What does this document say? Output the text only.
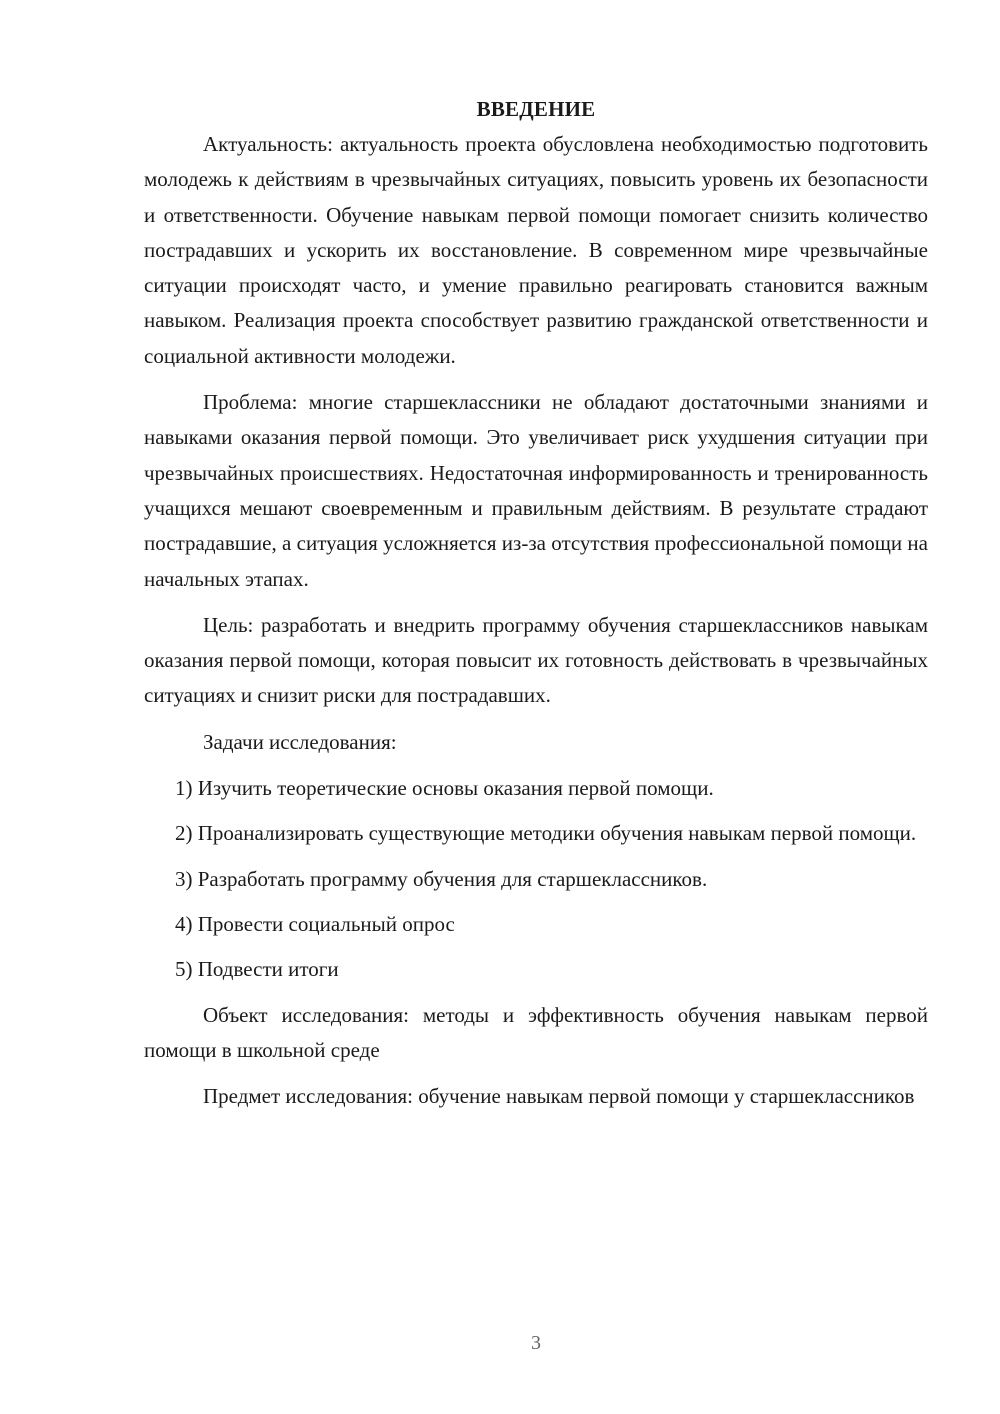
ВВЕДЕНИЕ

Актуальность: актуальность проекта обусловлена необходимостью подготовить молодежь к действиям в чрезвычайных ситуациях, повысить уровень их безопасности и ответственности. Обучение навыкам первой помощи помогает снизить количество пострадавших и ускорить их восстановление. В современном мире чрезвычайные ситуации происходят часто, и умение правильно реагировать становится важным навыком. Реализация проекта способствует развитию гражданской ответственности и социальной активности молодежи.

Проблема: многие старшеклассники не обладают достаточными знаниями и навыками оказания первой помощи. Это увеличивает риск ухудшения ситуации при чрезвычайных происшествиях. Недостаточная информированность и тренированность учащихся мешают своевременным и правильным действиям. В результате страдают пострадавшие, а ситуация усложняется из-за отсутствия профессиональной помощи на начальных этапах.

Цель: разработать и внедрить программу обучения старшеклассников навыкам оказания первой помощи, которая повысит их готовность действовать в чрезвычайных ситуациях и снизит риски для пострадавших.

Задачи исследования:

1) Изучить теоретические основы оказания первой помощи.

2) Проанализировать существующие методики обучения навыкам первой помощи.

3) Разработать программу обучения для старшеклассников.

4) Провести социальный опрос

5) Подвести итоги

Объект исследования: методы и эффективность обучения навыкам первой помощи в школьной среде

Предмет исследования: обучение навыкам первой помощи у старшеклассников

3
